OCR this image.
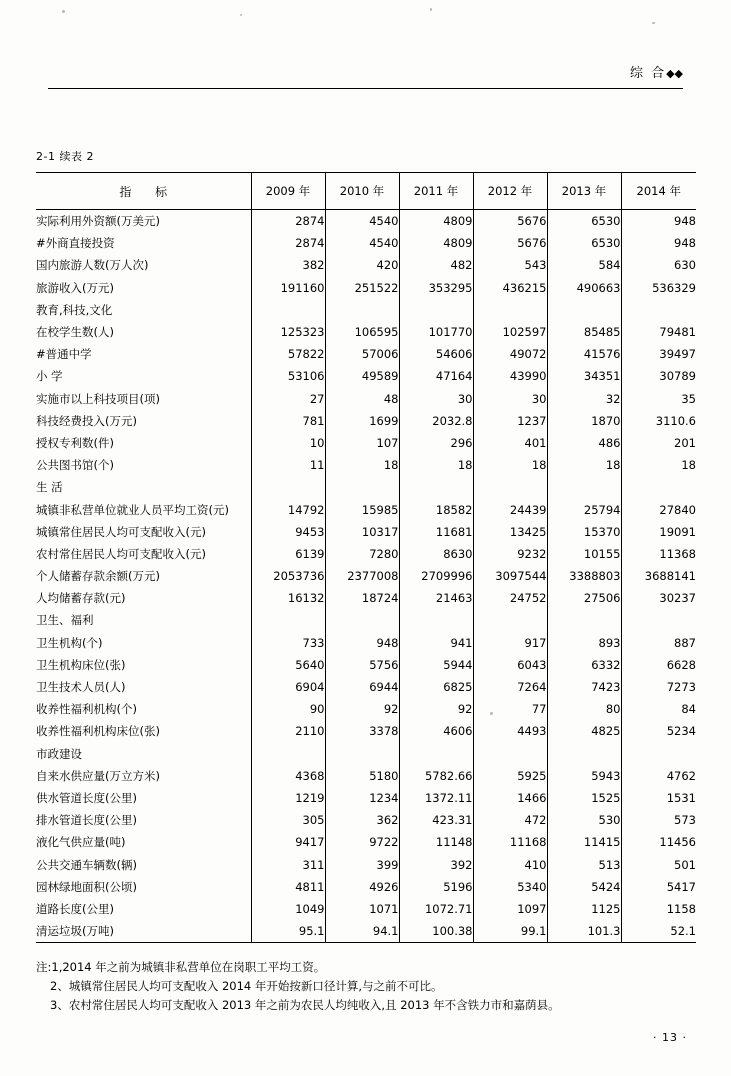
综 合◆◆
2-1 续表 2
指 标	2009 年	2010 年	2011 年	2012 年	2013 年	2014 年
实际利用外资额(万美元)	2874	4540	4809	5676	6530	948
#外商直接投资	2874	4540	4809	5676	6530	948
国内旅游人数(万人次)	382	420	482	543	584	630
旅游收入(万元)	191160	251522	353295	436215	490663	536329
教育,科技,文化						
在校学生数(人)	125323	106595	101770	102597	85485	79481
#普通中学	57822	57006	54606	49072	41576	39497
小 学	53106	49589	47164	43990	34351	30789
实施市以上科技项目(项)	27	48	30	30	32	35
科技经费投入(万元)	781	1699	2032.8	1237	1870	3110.6
授权专利数(件)	10	107	296	401	486	201
公共图书馆(个)	11	18	18	18	18	18
生 活						
城镇非私营单位就业人员平均工资(元)	14792	15985	18582	24439	25794	27840
城镇常住居民人均可支配收入(元)	9453	10317	11681	13425	15370	19091
农村常住居民人均可支配收入(元)	6139	7280	8630	9232	10155	11368
个人储蓄存款余额(万元)	2053736	2377008	2709996	3097544	3388803	3688141
人均储蓄存款(元)	16132	18724	21463	24752	27506	30237
卫生、福利						
卫生机构(个)	733	948	941	917	893	887
卫生机构床位(张)	5640	5756	5944	6043	6332	6628
卫生技术人员(人)	6904	6944	6825	7264	7423	7273
收养性福利机构(个)	90	92	92	77	80	84
收养性福利机构床位(张)	2110	3378	4606	4493	4825	5234
市政建设						
自来水供应量(万立方米)	4368	5180	5782.66	5925	5943	4762
供水管道长度(公里)	1219	1234	1372.11	1466	1525	1531
排水管道长度(公里)	305	362	423.31	472	530	573
液化气供应量(吨)	9417	9722	11148	11168	11415	11456
公共交通车辆数(辆)	311	399	392	410	513	501
园林绿地面积(公顷)	4811	4926	5196	5340	5424	5417
道路长度(公里)	1049	1071	1072.71	1097	1125	1158
清运垃圾(万吨)	95.1	94.1	100.38	99.1	101.3	52.1
注:1,2014 年之前为城镇非私营单位在岗职工平均工资。
2、城镇常住居民人均可支配收入 2014 年开始按新口径计算,与之前不可比。
3、农村常住居民人均可支配收入 2013 年之前为农民人均纯收入,且 2013 年不含铁力市和嘉荫县。
· 13 ·
